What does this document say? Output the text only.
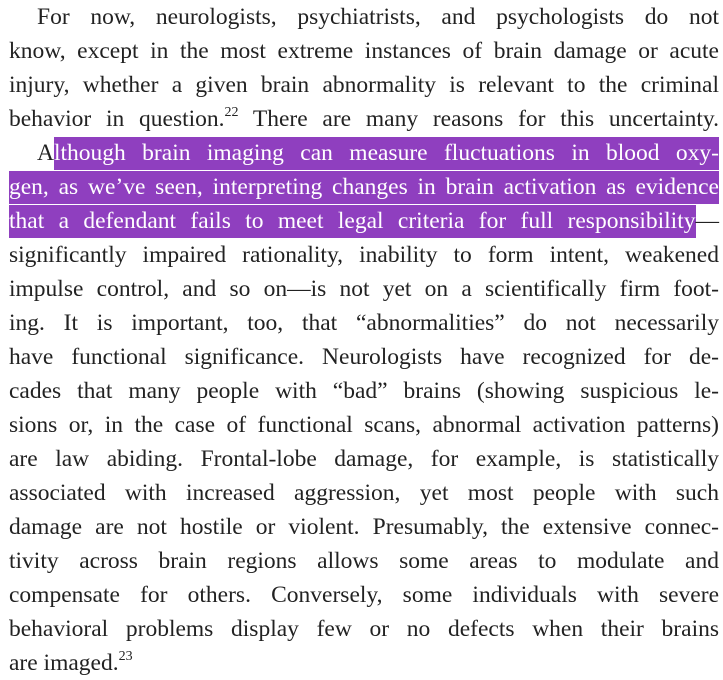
For now, neurologists, psychiatrists, and psychologists do not
know, except in the most extreme instances of brain damage or acute
injury, whether a given brain abnormality is relevant to the criminal
behavior in question.$^{22}$ There are many reasons for this uncertainty.
Although brain imaging can measure fluctuations in blood oxy-
gen, as we’ve seen, interpreting changes in brain activation as evidence
that a defendant fails to meet legal criteria for full responsibility—
significantly impaired rationality, inability to form intent, weakened
impulse control, and so on—is not yet on a scientifically firm foot-
ing. It is important, too, that “abnormalities” do not necessarily
have functional significance. Neurologists have recognized for de-
cades that many people with “bad” brains (showing suspicious le-
sions or, in the case of functional scans, abnormal activation patterns)
are law abiding. Frontal-lobe damage, for example, is statistically
associated with increased aggression, yet most people with such
damage are not hostile or violent. Presumably, the extensive connec-
tivity across brain regions allows some areas to modulate and
compensate for others. Conversely, some individuals with severe
behavioral problems display few or no defects when their brains
are imaged.$^{23}$
